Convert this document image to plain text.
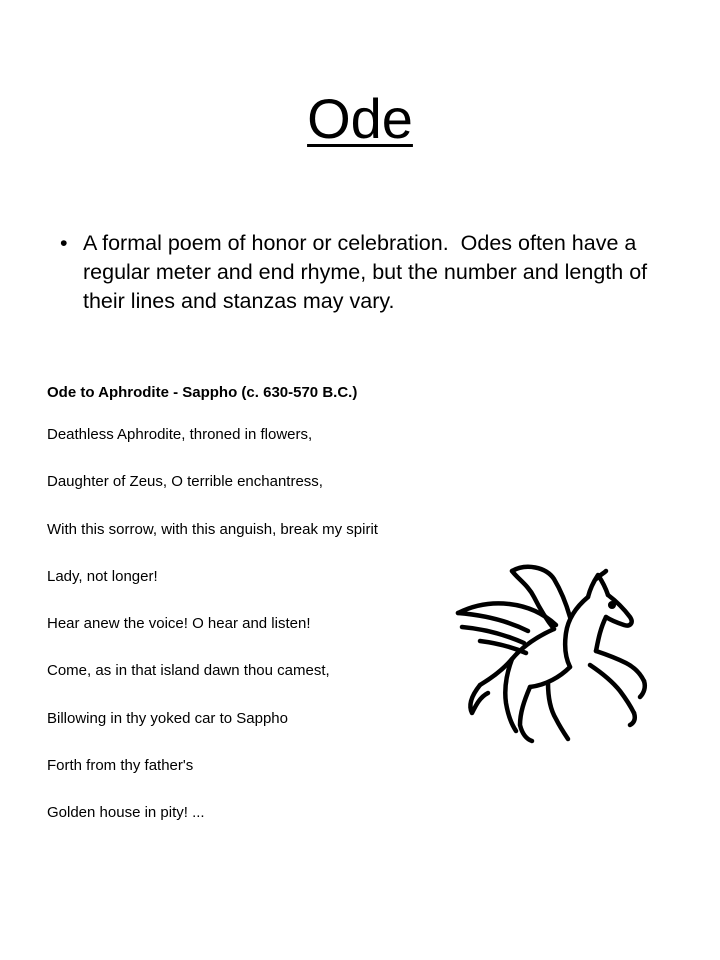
Ode
• A formal poem of honor or celebration.  Odes often have a regular meter and end rhyme, but the number and length of their lines and stanzas may vary.

Ode to Aphrodite - Sappho (c. 630-570 B.C.)

Deathless Aphrodite, throned in flowers,
Daughter of Zeus, O terrible enchantress,
With this sorrow, with this anguish, break my spirit
Lady, not longer!
Hear anew the voice! O hear and listen!
Come, as in that island dawn thou camest,
Billowing in thy yoked car to Sappho
Forth from thy father's
Golden house in pity! ...
